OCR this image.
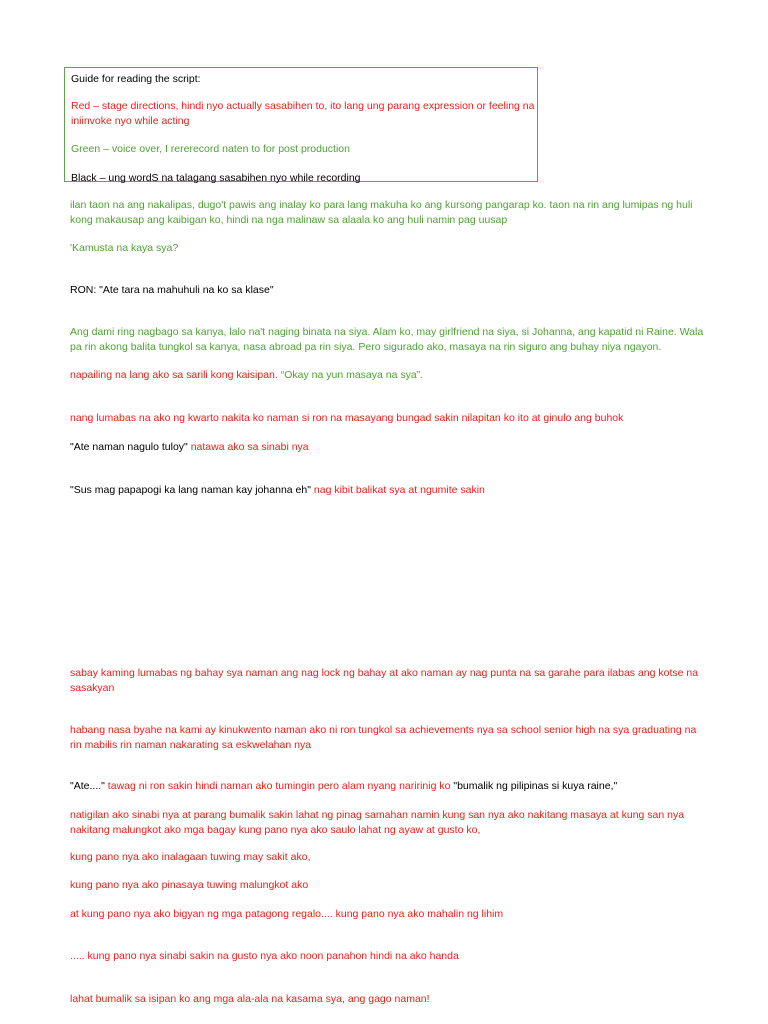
Guide for reading the script:

Red – stage directions, hindi nyo actually sasabihen to, ito lang ung parang expression or feeling na iniinvoke nyo while acting

Green – voice over, I rererecord naten to for post production

Black – ung wordS na talagang sasabihen nyo while recording

ilan taon na ang nakalipas, dugo't pawis ang inalay ko para lang makuha ko ang kursong pangarap ko. taon na rin ang lumipas ng huli kong makausap ang kaibigan ko, hindi na nga malinaw sa alaala ko ang huli namin pag uusap

'Kamusta na kaya sya?

RON: "Ate tara na mahuhuli na ko sa klase"

Ang dami ring nagbago sa kanya, lalo na't naging binata na siya. Alam ko, may girlfriend na siya, si Johanna, ang kapatid ni Raine. Wala pa rin akong balita tungkol sa kanya, nasa abroad pa rin siya. Pero sigurado ako, masaya na rin siguro ang buhay niya ngayon.

napailing na lang ako sa sarili kong kaisipan. “Okay na yun masaya na sya”.

nang lumabas na ako ng kwarto nakita ko naman si ron na masayang bungad sakin nilapitan ko ito at ginulo ang buhok

"Ate naman nagulo tuloy" natawa ako sa sinabi nya

"Sus mag papapogi ka lang naman kay johanna eh" nag kibit balikat sya at ngumite sakin

sabay kaming lumabas ng bahay sya naman ang nag lock ng bahay at ako naman ay nag punta na sa garahe para ilabas ang kotse na sasakyan

habang nasa byahe na kami ay kinukwento naman ako ni ron tungkol sa achievements nya sa school senior high na sya graduating na rin mabilis rin naman nakarating sa eskwelahan nya

"Ate...." tawag ni ron sakin hindi naman ako tumingin pero alam nyang naririnig ko "bumalik ng pilipinas si kuya raine,"

natigilan ako sinabi nya at parang bumalik sakin lahat ng pinag samahan namin kung san nya ako nakitang masaya at kung san nya nakitang malungkot ako mga bagay kung pano nya ako saulo lahat ng ayaw at gusto ko,

kung pano nya ako inalagaan tuwing may sakit ako,

kung pano nya ako pinasaya tuwing malungkot ako

at kung pano nya ako bigyan ng mga patagong regalo.... kung pano nya ako mahalin ng lihim

..... kung pano nya sinabi sakin na gusto nya ako noon panahon hindi na ako handa

lahat bumalik sa isipan ko ang mga ala-ala na kasama sya, ang gago naman!
